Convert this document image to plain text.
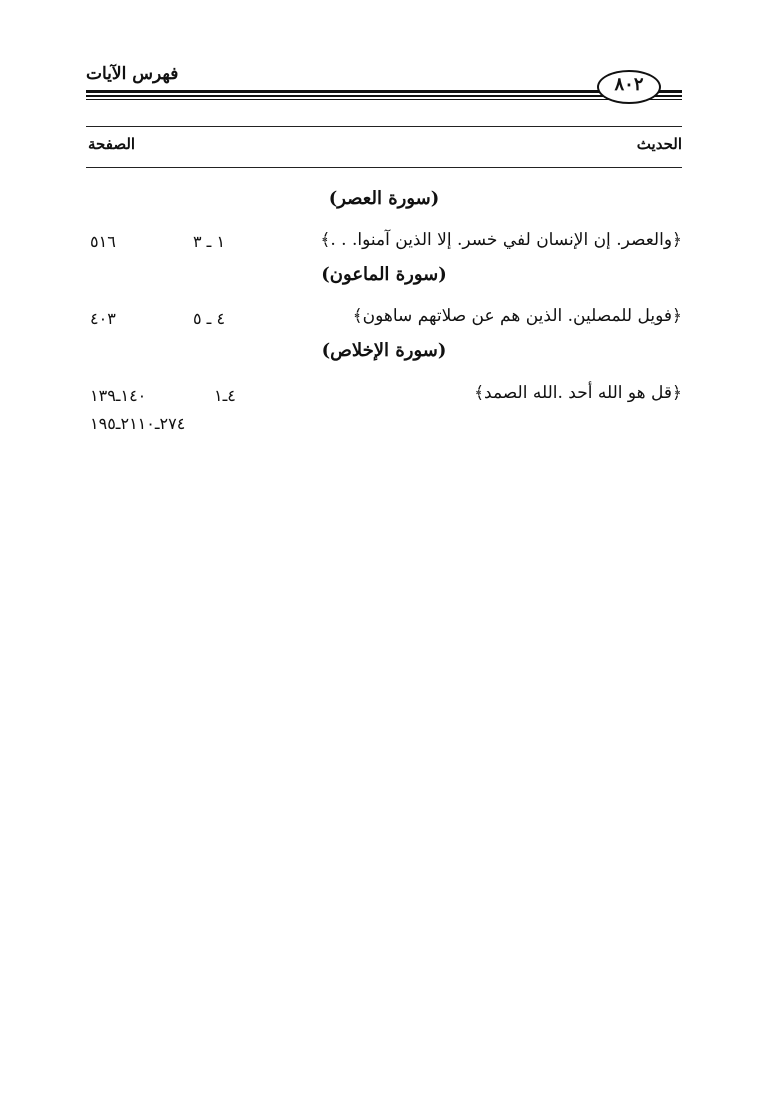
فهرس الآيات	٨٠٢
الحديث
الصفحة
(سورة العصر)
﴿والعصر. إن الإنسان لفي خسر. إلا الذين آمنوا. . .﴾
١ ـ ٣
٥١٦
(سورة الماعون)
﴿فويل للمصلين. الذين هم عن صلاتهم ساهون﴾
٤ ـ ٥
٤٠٣
(سورة الإخلاص)
﴿قل هو الله أحد .الله الصمد﴾
٤ـ١
١٤٠ـ١٣٩
٢٧٤ـ٢١١٠ـ١٩٥
